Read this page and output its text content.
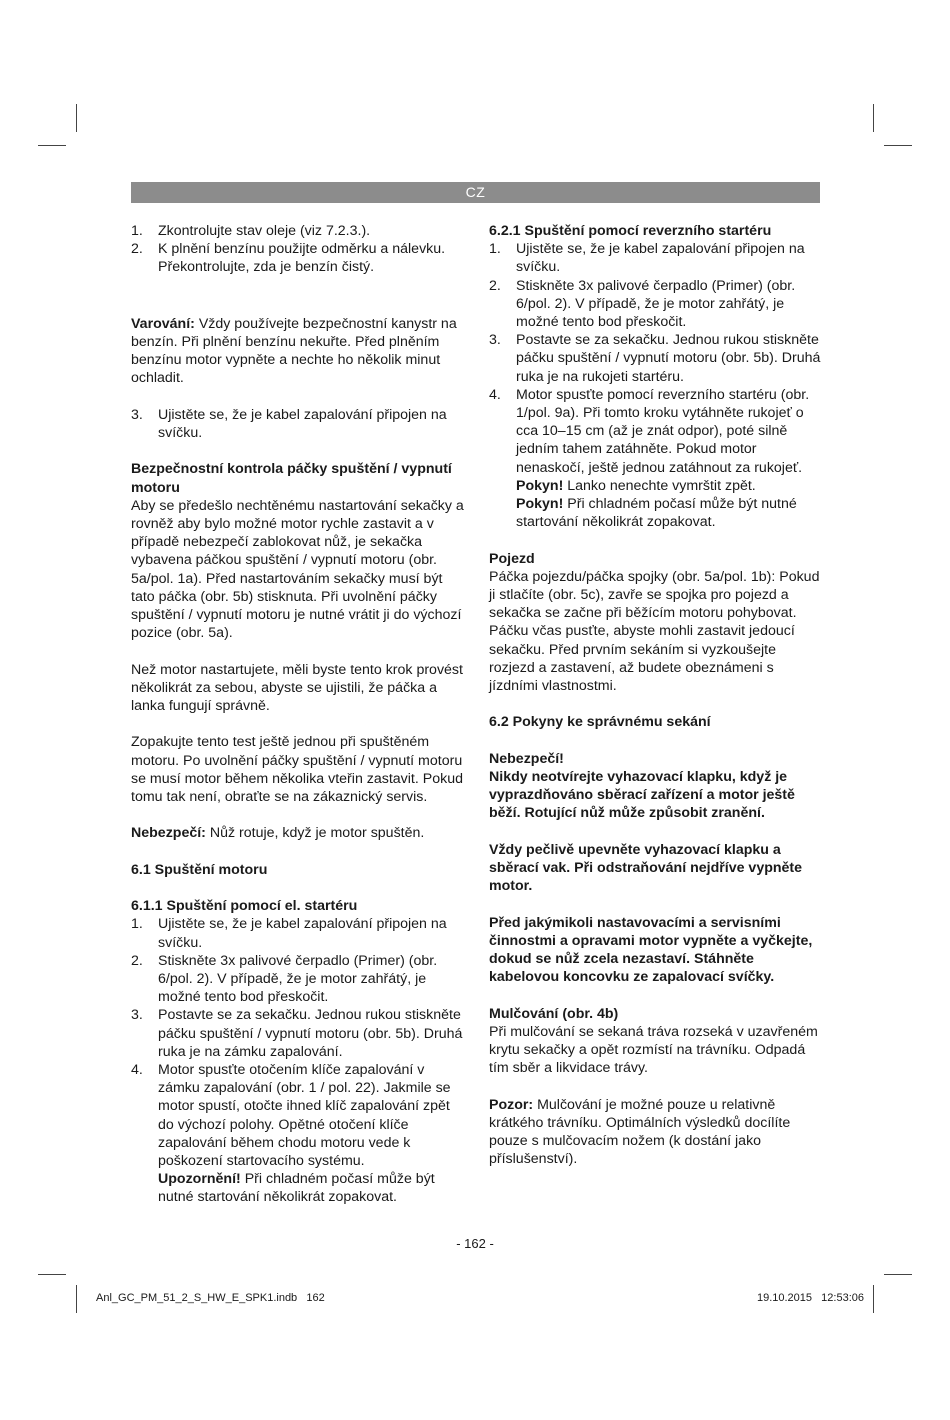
CZ
1. Zkontrolujte stav oleje (viz 7.2.3.).
2. K plnění benzínu použijte odměrku a nálevku. Překontrolujte, zda je benzín čistý.

Varování: Vždy používejte bezpečnostní kanystr na benzín. Při plnění benzínu nekuřte. Před plněním benzínu motor vypněte a nechte ho několik minut ochladit.

3. Ujistěte se, že je kabel zapalování připojen na svíčku.

Bezpečnostní kontrola páčky spuštění / vypnutí motoru

Aby se předešlo nechtěnému nastartování sekačky a rovněž aby bylo možné motor rychle zastavit a v případě nebezpečí zablokovat nůž, je sekačka vybavena páčkou spuštění / vypnutí motoru (obr. 5a/pol. 1a). Před nastartováním sekačky musí být tato páčka (obr. 5b) stisknuta. Při uvolnění páčky spuštění / vypnutí motoru je nutné vrátit ji do výchozí pozice (obr. 5a).

Než motor nastartujete, měli byste tento krok provést několikrát za sebou, abyste se ujistili, že páčka a lanka fungují správně.

Zopakujte tento test ještě jednou při spuštěném motoru. Po uvolnění páčky spuštění / vypnutí motoru se musí motor během několika vteřin zastavit. Pokud tomu tak není, obraťte se na zákaznický servis.

Nebezpečí: Nůž rotuje, když je motor spuštěn.

6.1 Spuštění motoru

6.1.1 Spuštění pomocí el. startéru

1. Ujistěte se, že je kabel zapalování připojen na svíčku.
2. Stiskněte 3x palivové čerpadlo (Primer) (obr. 6/pol. 2). V případě, že je motor zahřátý, je možné tento bod přeskočit.
3. Postavte se za sekačku. Jednou rukou stiskněte páčku spuštění / vypnutí motoru (obr. 5b). Druhá ruka je na zámku zapalování.
4. Motor spusťte otočením klíče zapalování v zámku zapalování (obr. 1 / pol. 22). Jakmile se motor spustí, otočte ihned klíč zapalování zpět do výchozí polohy. Opětné otočení klíče zapalování během chodu motoru vede k poškození startovacího systému.
Upozornění! Při chladném počasí může být nutné startování několikrát zopakovat.

6.2.1 Spuštění pomocí reverzního startéru

1. Ujistěte se, že je kabel zapalování připojen na svíčku.
2. Stiskněte 3x palivové čerpadlo (Primer) (obr. 6/pol. 2). V případě, že je motor zahřátý, je možné tento bod přeskočit.
3. Postavte se za sekačku. Jednou rukou stiskněte páčku spuštění / vypnutí motoru (obr. 5b). Druhá ruka je na rukojeti startéru.
4. Motor spusťte pomocí reverzního startéru (obr. 1/pol. 9a). Při tomto kroku vytáhněte rukojeť o cca 10–15 cm (až je znát odpor), poté silně jedním tahem zatáhněte. Pokud motor nenaskočí, ještě jednou zatáhnout za rukojeť.
Pokyn! Lanko nenechte vymrštit zpět.
Pokyn! Při chladném počasí může být nutné startování několikrát zopakovat.

Pojezd

Páčka pojezdu/páčka spojky (obr. 5a/pol. 1b): Pokud ji stlačíte (obr. 5c), zavře se spojka pro pojezd a sekačka se začne při běžícím motoru pohybovat. Páčku včas pusťte, abyste mohli zastavit jedoucí sekačku. Před prvním sekáním si vyzkoušejte rozjezd a zastavení, až budete obeznámeni s jízdními vlastnostmi.

6.2 Pokyny ke správnému sekání

Nebezpečí!

Nikdy neotvírejte vyhazovací klapku, když je vyprazdňováno sběrací zařízení a motor ještě běží. Rotující nůž může způsobit zranění.

Vždy pečlivě upevněte vyhazovací klapku a sběrací vak. Při odstraňování nejdříve vypněte motor.

Před jakýmikoli nastavovacími a servisními činnostmi a opravami motor vypněte a vyčkejte, dokud se nůž zcela nezastaví. Stáhněte kabelovou koncovku ze zapalovací svíčky.

Mulčování (obr. 4b)

Při mulčování se sekaná tráva rozseká v uzavřeném krytu sekačky a opět rozmístí na trávníku. Odpadá tím sběr a likvidace trávy.

Pozor: Mulčování je možné pouze u relativně krátkého trávníku. Optimálních výsledků docílíte pouze s mulčovacím nožem (k dostání jako příslušenství).

- 162 -
Anl_GC_PM_51_2_S_HW_E_SPK1.indb   162	19.10.2015   12:53:06
